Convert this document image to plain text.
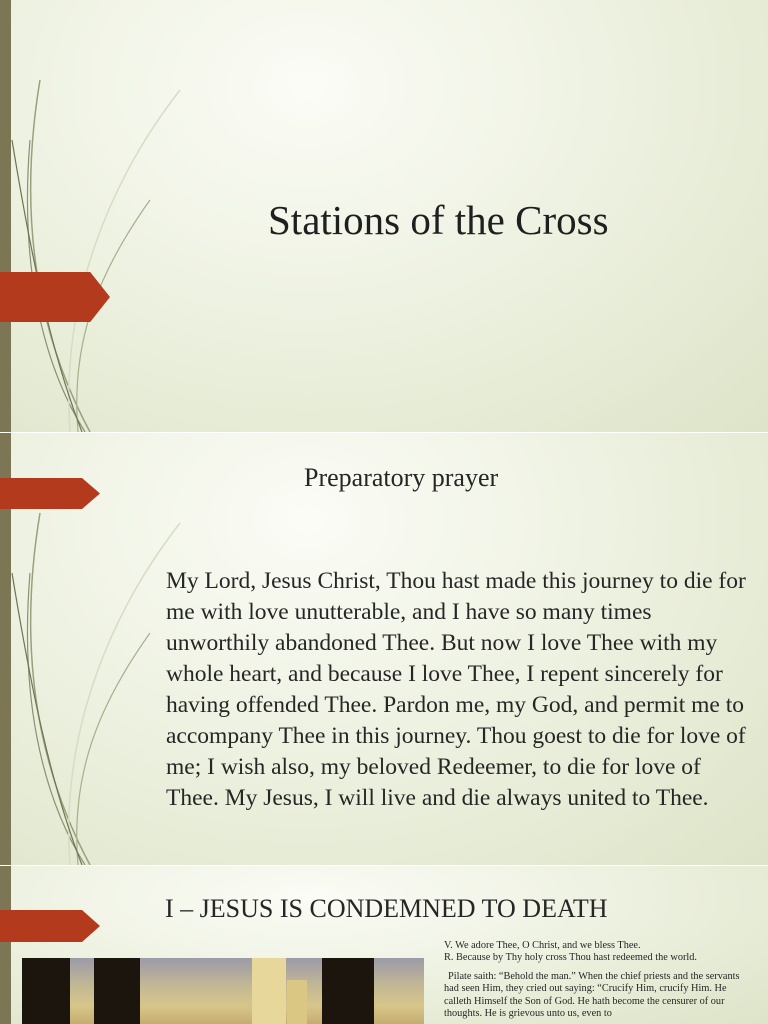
Stations of the Cross
Preparatory prayer

My Lord, Jesus Christ, Thou hast made this journey to die for me with love unutterable, and I have so many times unworthily abandoned Thee. But now I love Thee with my whole heart, and because I love Thee, I repent sincerely for having offended Thee. Pardon me, my God, and permit me to accompany Thee in this journey. Thou goest to die for love of me; I wish also, my beloved Redeemer, to die for love of Thee. My Jesus, I will live and die always united to Thee.

I – JESUS IS CONDEMNED TO DEATH

V. We adore Thee, O Christ, and we bless Thee.

R. Because by Thy holy cross Thou hast redeemed the world.

Pilate saith: “Behold the man.” When the chief priests and the servants had seen Him, they cried out saying: “Crucify Him, crucify Him. He calleth Himself the Son of God. He hath become the censurer of our thoughts. He is grievous unto us, even to
